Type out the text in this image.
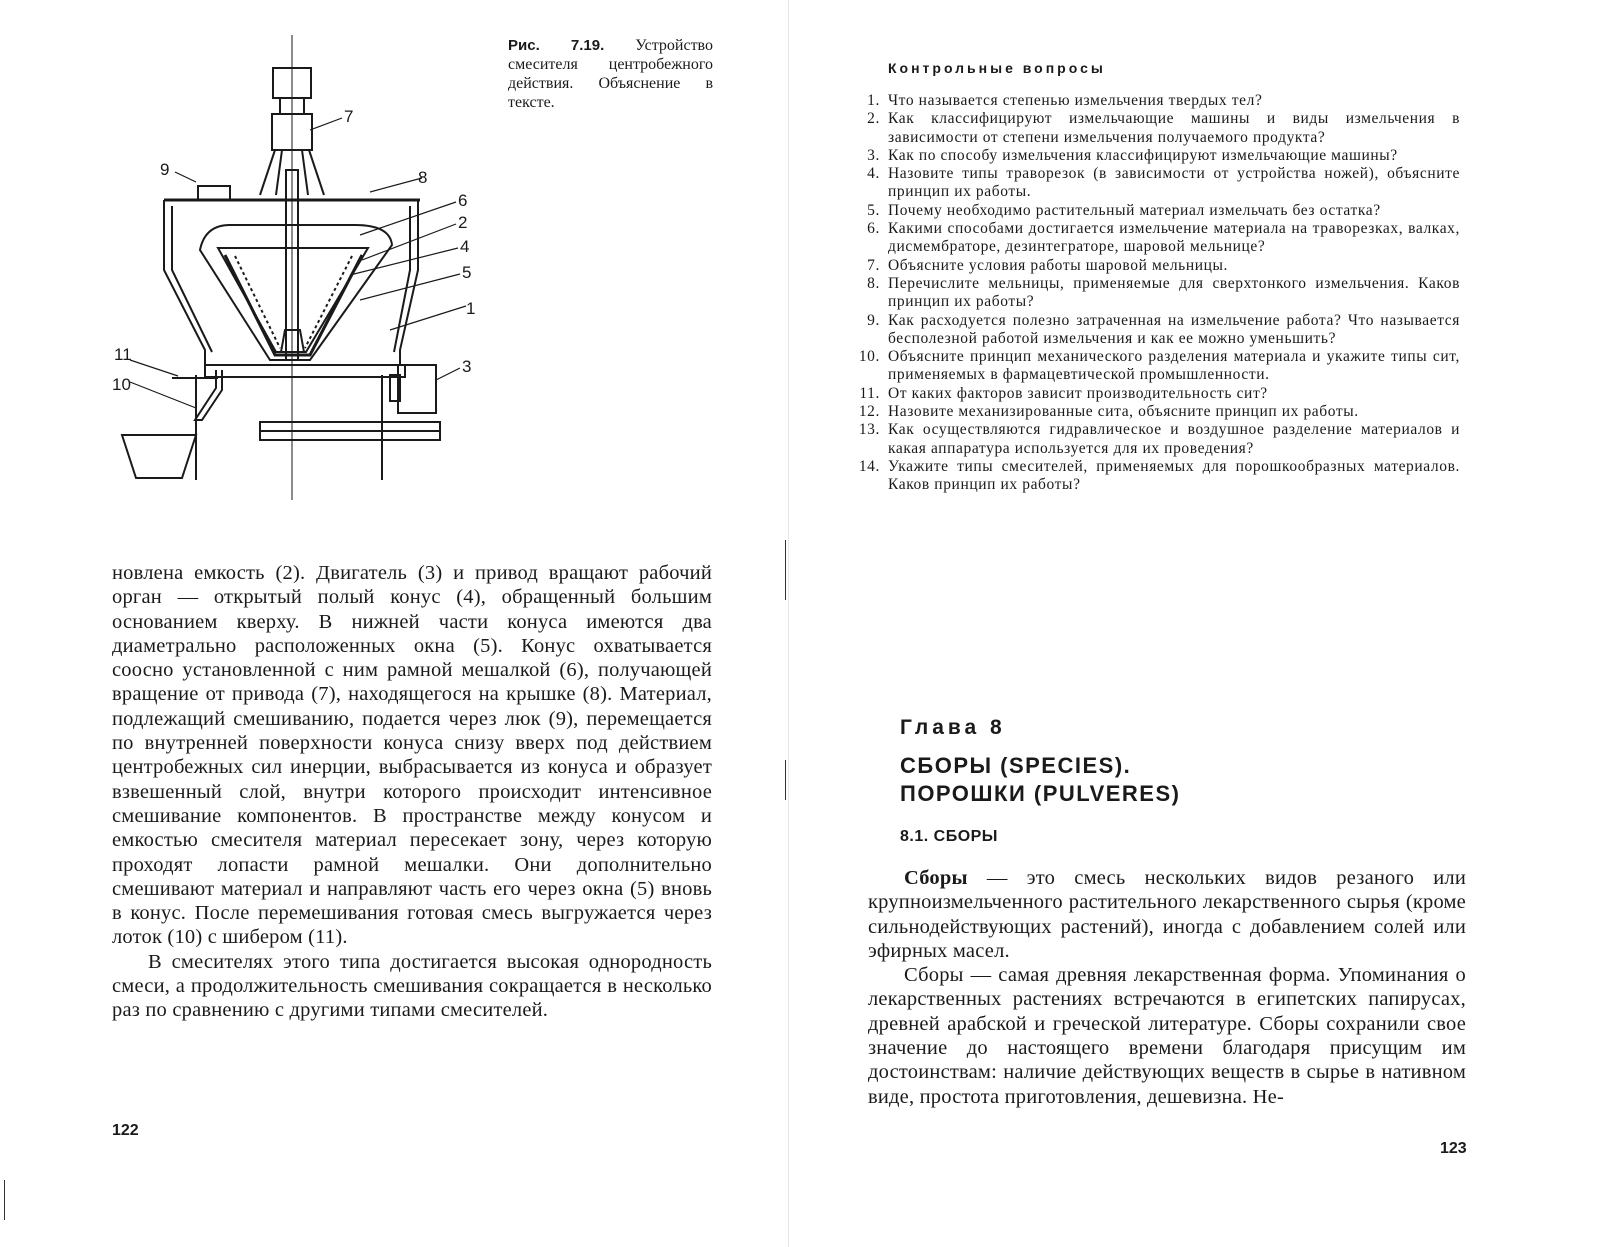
7
9	8
6
2
4
5
1
11
3
10
Рис. 7.19. Устройство смесителя центробежного действия. Объяснение в тексте.

новлена емкость (2). Двигатель (3) и привод вращают рабочий орган — открытый полый конус (4), обращенный большим основанием кверху. В нижней части конуса имеются два диаметрально расположенных окна (5). Конус охватывается соосно установленной с ним рамной мешалкой (6), получающей вращение от привода (7), находящегося на крышке (8). Материал, подлежащий смешиванию, подается через люк (9), перемещается по внутренней поверхности конуса снизу вверх под действием центробежных сил инерции, выбрасывается из конуса и образует взвешенный слой, внутри которого происходит интенсивное смешивание компонентов. В пространстве между конусом и емкостью смесителя материал пересекает зону, через которую проходят лопасти рамной мешалки. Они дополнительно смешивают материал и направляют часть его через окна (5) вновь в конус. После перемешивания готовая смесь выгружается через лоток (10) с шибером (11).

В смесителях этого типа достигается высокая однородность смеси, а продолжительность смешивания сокращается в несколько раз по сравнению с другими типами смесителей.

122
Контрольные вопросы
1. Что называется степенью измельчения твердых тел?
2. Как классифицируют измельчающие машины и виды измельчения в зависимости от степени измельчения получаемого продукта?
3. Как по способу измельчения классифицируют измельчающие машины?
4. Назовите типы траворезок (в зависимости от устройства ножей), объясните принцип их работы.
5. Почему необходимо растительный материал измельчать без остатка?
6. Какими способами достигается измельчение материала на траворезках, валках, дисмембраторе, дезинтеграторе, шаровой мельнице?
7. Объясните условия работы шаровой мельницы.
8. Перечислите мельницы, применяемые для сверхтонкого измельчения. Каков принцип их работы?
9. Как расходуется полезно затраченная на измельчение работа? Что называется бесполезной работой измельчения и как ее можно уменьшить?
10. Объясните принцип механического разделения материала и укажите типы сит, применяемых в фармацевтической промышленности.
11. От каких факторов зависит производительность сит?
12. Назовите механизированные сита, объясните принцип их работы.
13. Как осуществляются гидравлическое и воздушное разделение материалов и какая аппаратура используется для их проведения?
14. Укажите типы смесителей, применяемых для порошкообразных материалов. Каков принцип их работы?
Глава 8
СБОРЫ (SPECIES).
ПОРОШКИ (PULVERES)
8.1. СБОРЫ

Сборы — это смесь нескольких видов резаного или крупноизмельченного растительного лекарственного сырья (кроме сильнодействующих растений), иногда с добавлением солей или эфирных масел.

Сборы — самая древняя лекарственная форма. Упоминания о лекарственных растениях встречаются в египетских папирусах, древней арабской и греческой литературе. Сборы сохранили свое значение до настоящего времени благодаря присущим им достоинствам: наличие действующих веществ в сырье в нативном виде, простота приготовления, дешевизна. Не-

123
